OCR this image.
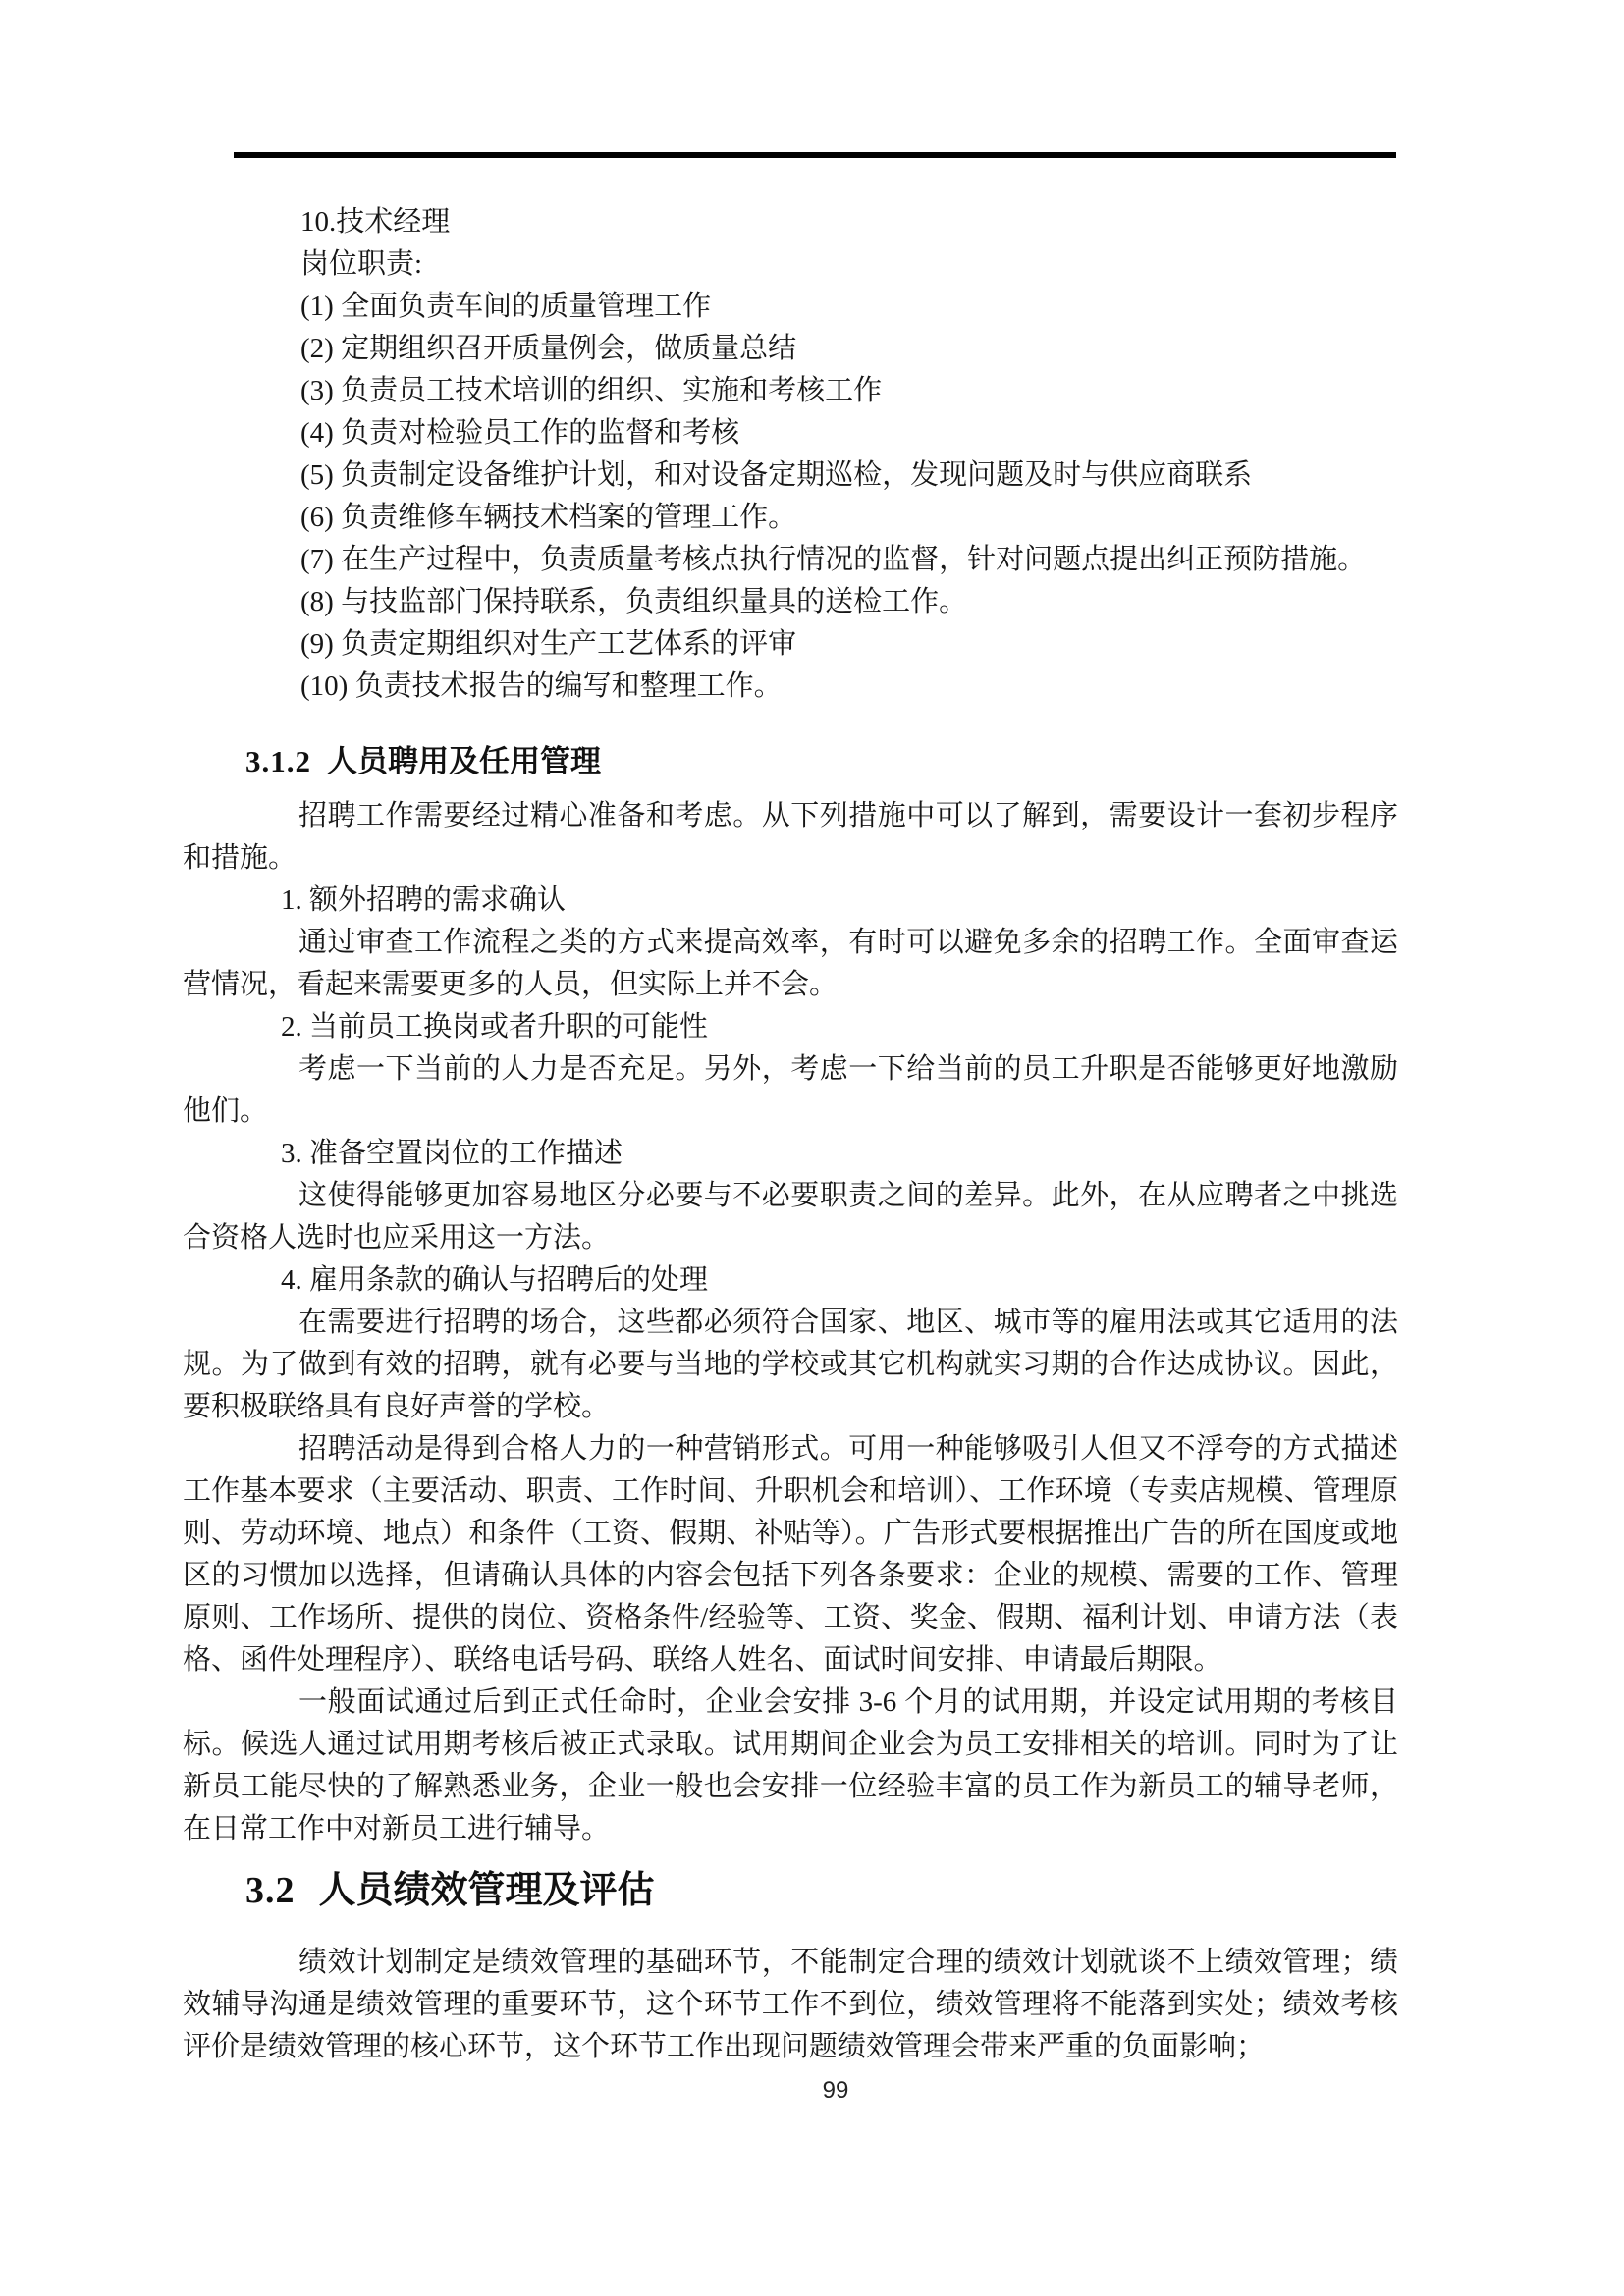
10.技术经理

岗位职责:

(1) 全面负责车间的质量管理工作

(2) 定期组织召开质量例会，做质量总结

(3) 负责员工技术培训的组织、实施和考核工作

(4) 负责对检验员工作的监督和考核

(5) 负责制定设备维护计划，和对设备定期巡检，发现问题及时与供应商联系

(6) 负责维修车辆技术档案的管理工作。

(7) 在生产过程中，负责质量考核点执行情况的监督，针对问题点提出纠正预防措施。

(8) 与技监部门保持联系，负责组织量具的送检工作。

(9) 负责定期组织对生产工艺体系的评审

(10) 负责技术报告的编写和整理工作。

3.1.2 人员聘用及任用管理

招聘工作需要经过精心准备和考虑。从下列措施中可以了解到，需要设计一套初步程序和措施。

1. 额外招聘的需求确认

通过审查工作流程之类的方式来提高效率，有时可以避免多余的招聘工作。全面审查运营情况，看起来需要更多的人员，但实际上并不会。

2. 当前员工换岗或者升职的可能性

考虑一下当前的人力是否充足。另外，考虑一下给当前的员工升职是否能够更好地激励他们。

3. 准备空置岗位的工作描述

这使得能够更加容易地区分必要与不必要职责之间的差异。此外，在从应聘者之中挑选合资格人选时也应采用这一方法。

4. 雇用条款的确认与招聘后的处理

在需要进行招聘的场合，这些都必须符合国家、地区、城市等的雇用法或其它适用的法规。为了做到有效的招聘，就有必要与当地的学校或其它机构就实习期的合作达成协议。因此，要积极联络具有良好声誉的学校。

招聘活动是得到合格人力的一种营销形式。可用一种能够吸引人但又不浮夸的方式描述工作基本要求（主要活动、职责、工作时间、升职机会和培训）、工作环境（专卖店规模、管理原则、劳动环境、地点）和条件（工资、假期、补贴等）。广告形式要根据推出广告的所在国度或地区的习惯加以选择，但请确认具体的内容会包括下列各条要求：企业的规模、需要的工作、管理原则、工作场所、提供的岗位、资格条件/经验等、工资、奖金、假期、福利计划、申请方法（表格、函件处理程序）、联络电话号码、联络人姓名、面试时间安排、申请最后期限。

一般面试通过后到正式任命时，企业会安排 3-6 个月的试用期，并设定试用期的考核目标。候选人通过试用期考核后被正式录取。试用期间企业会为员工安排相关的培训。同时为了让新员工能尽快的了解熟悉业务，企业一般也会安排一位经验丰富的员工作为新员工的辅导老师，在日常工作中对新员工进行辅导。

3.2 人员绩效管理及评估

绩效计划制定是绩效管理的基础环节，不能制定合理的绩效计划就谈不上绩效管理；绩效辅导沟通是绩效管理的重要环节，这个环节工作不到位，绩效管理将不能落到实处；绩效考核评价是绩效管理的核心环节，这个环节工作出现问题绩效管理会带来严重的负面影响；

99
